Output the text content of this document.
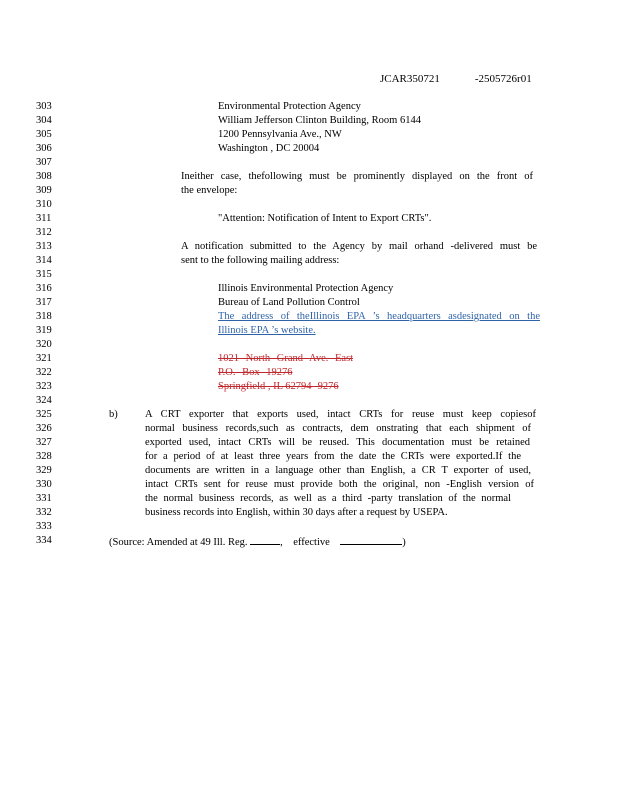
JCAR350721    -2505726r01
303
304
305
306
307
308
309
310
311
312
313
314
315
316
317
318
319
320
321
322
323
324
325
326
327
328
329
330
331
332
333
334
Environmental Protection Agency
William Jefferson Clinton Building, Room 6144
1200 Pennsylvania Ave., NW
Washington , DC 20004
Ineither case, thefollowing must be prominently displayed on the front of
the envelope:
"Attention: Notification of Intent to Export CRTs".
A notification submitted to the Agency by mail orhand -delivered must be
sent to the following mailing address:
Illinois Environmental Protection Agency
Bureau of Land Pollution Control
The address of theIllinois EPA ’s headquarters asdesignated on the
Illinois EPA ’s website.
1021 North Grand Ave. East
P.O. Box 19276
Springfield , IL 62794 -9276
b)	A CRT exporter that exports used, intact CRTs for reuse must keep copiesof
normal business records,such as contracts, dem onstrating that each shipment of
exported used, intact CRTs will be reused. This documentation must be retained
for a period of at least three years from the date the CRTs were exported.If the
documents are written in a language other than English, a CR T exporter of used,
intact CRTs sent for reuse must provide both the original, non -English version of
the normal business records, as well as a third -party translation of the normal
business records into English, within 30 days after a request by USEPA.
(Source: Amended at 49 Ill. Reg.	, effective	)
